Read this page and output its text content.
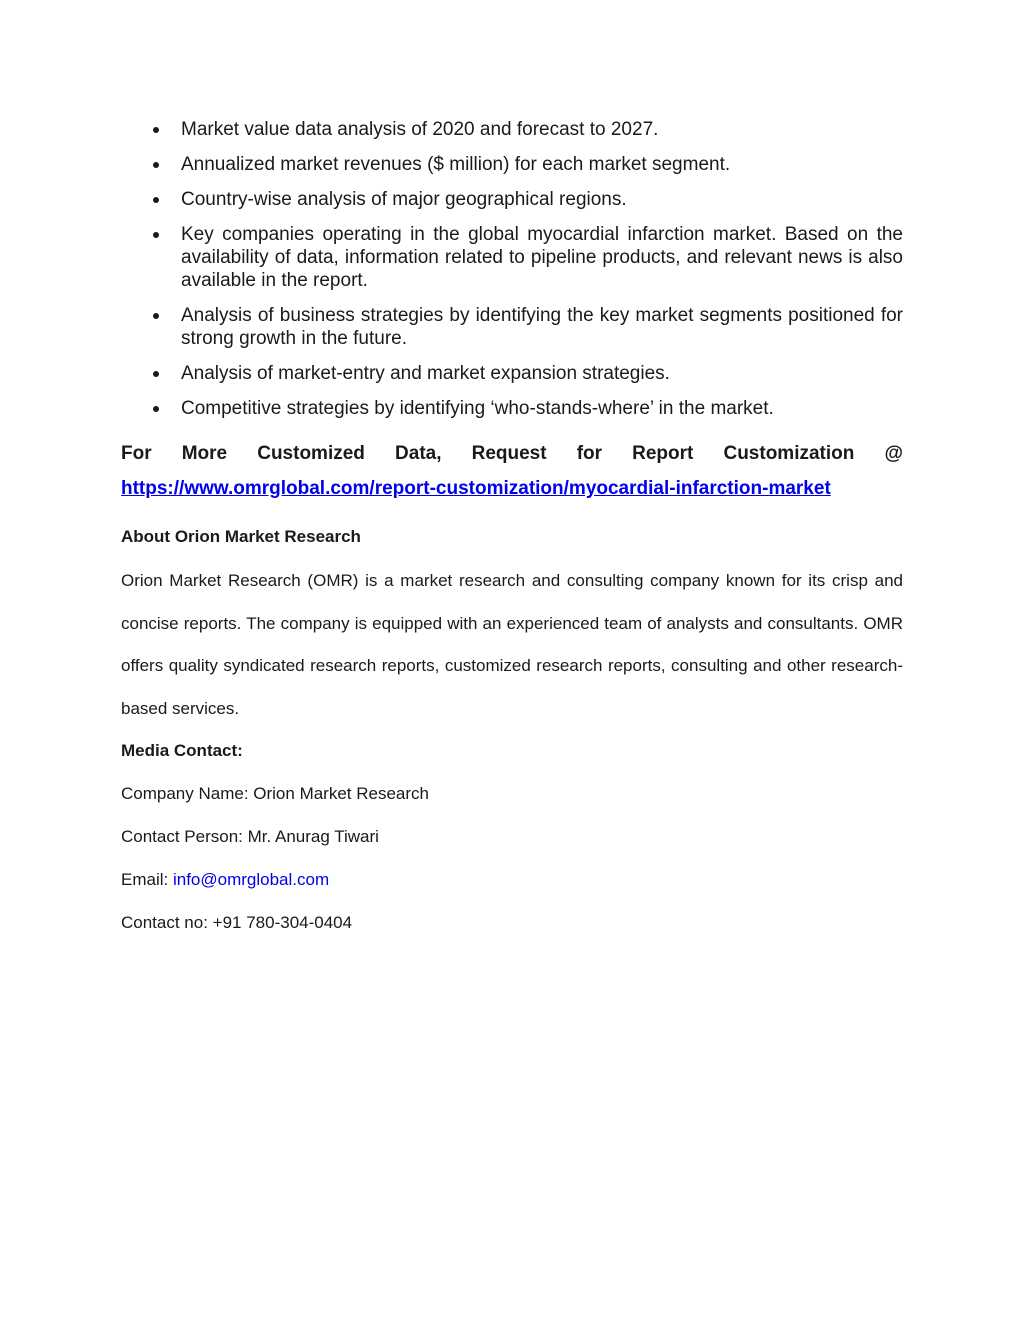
Market value data analysis of 2020 and forecast to 2027.
Annualized market revenues ($ million) for each market segment.
Country-wise analysis of major geographical regions.
Key companies operating in the global myocardial infarction market. Based on the availability of data, information related to pipeline products, and relevant news is also available in the report.
Analysis of business strategies by identifying the key market segments positioned for strong growth in the future.
Analysis of market-entry and market expansion strategies.
Competitive strategies by identifying ‘who-stands-where’ in the market.
For More Customized Data, Request for Report Customization @
https://www.omrglobal.com/report-customization/myocardial-infarction-market
About Orion Market Research
Orion Market Research (OMR) is a market research and consulting company known for its crisp and concise reports. The company is equipped with an experienced team of analysts and consultants. OMR offers quality syndicated research reports, customized research reports, consulting and other research-based services.
Media Contact:
Company Name: Orion Market Research
Contact Person: Mr. Anurag Tiwari
Email: info@omrglobal.com
Contact no: +91 780-304-0404
